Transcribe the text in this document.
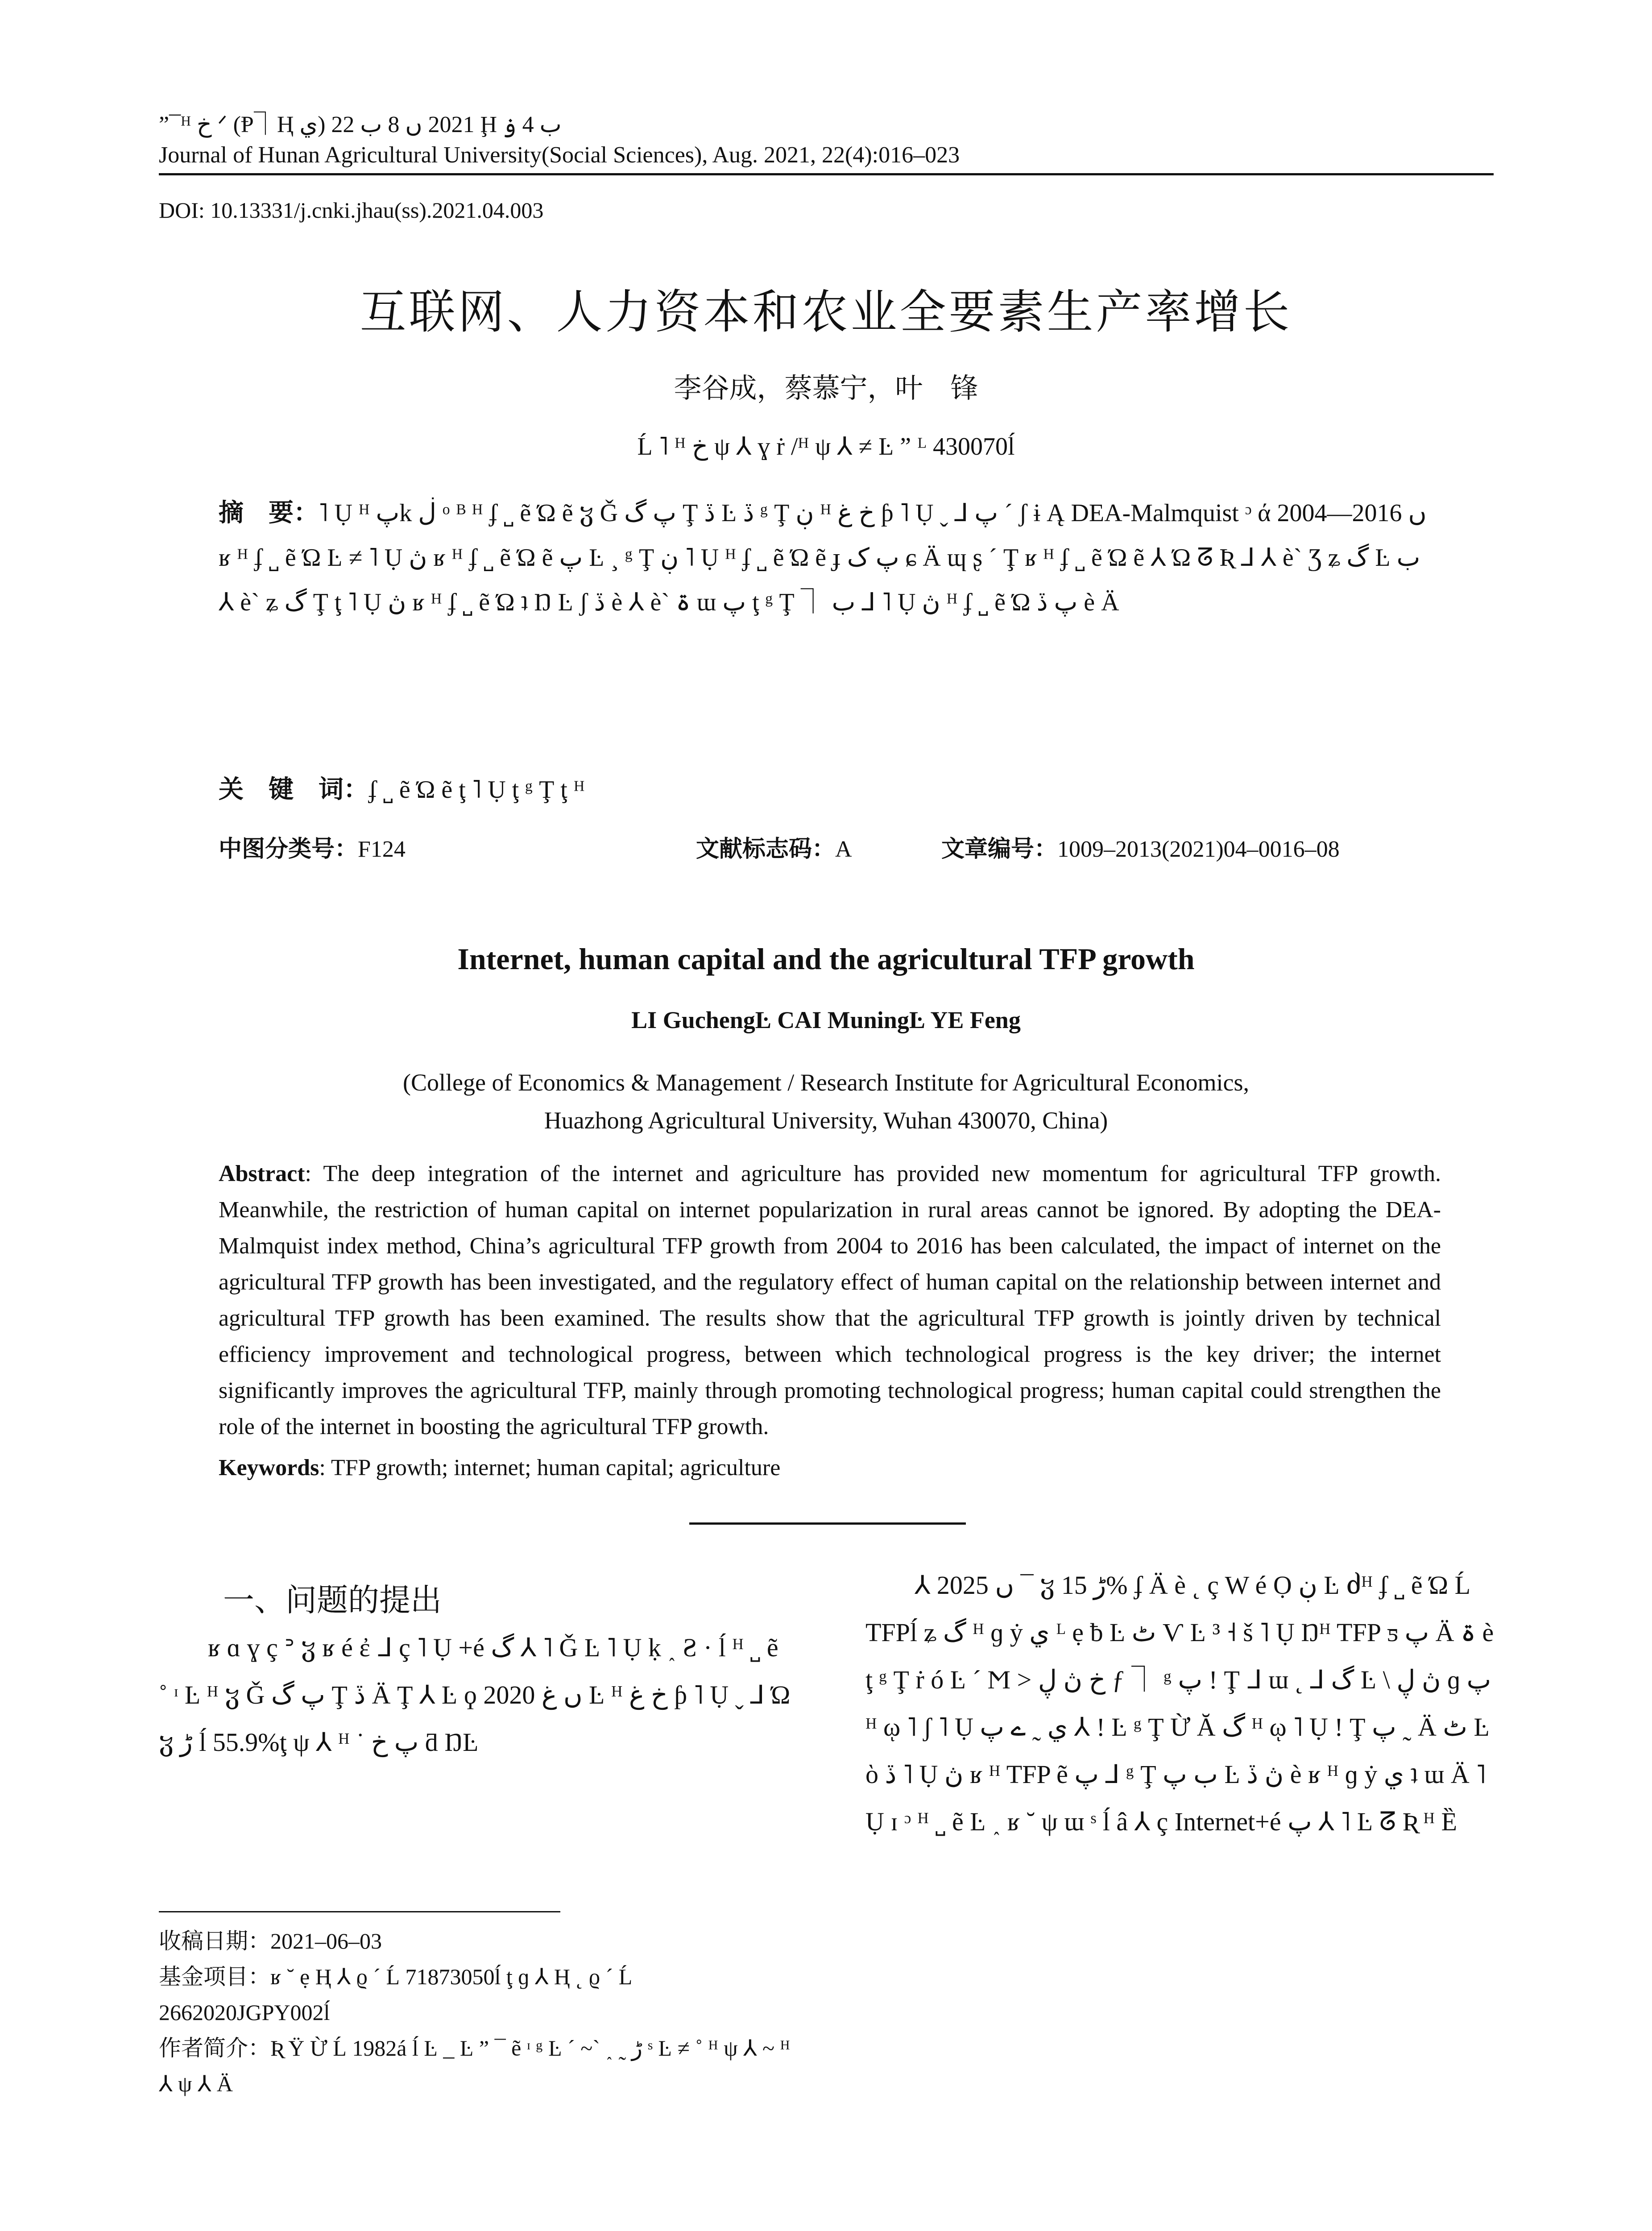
”¯ᴴ خ ᐟ (Ᵽ⏋Ⱨ ي) 2021 ں 8 ب 22 Ḩ ب 4 ۏ
Journal of Hunan Agricultural University(Social Sciences), Aug. 2021, 22(4):016–023
DOI: 10.13331/j.cnki.jhau(ss).2021.04.003
互联网、人力资本和农业全要素生产率增长
李谷成，蔡慕宁，叶　锋
Ĺ ˥ ᴴ خ ψ ⅄ ɣ ṙ /ᴴ ψ ⅄ ≠ Ŀ ” ᴸ 430070ĺ
摘　要：˥ Ụ ᴴ پk ڶ ᵒ ᴮ ᴴ ʄ ˽ ẽ Ώ ẽ ჳ Ǧ پ گ Ţ ڏ Ŀ ڏ ᵍ Ţ ڹ ᴴ خ غ ƥ ˥ Ụ ˬ ⅃ پ ˊ ʃ ɨ Ą DEA-Malmquist ᵓ ά 2004—2016 ں ʁ ᴴ ʄ ˽ ẽ Ώ Ŀ ≠ ˥ Ụ ڽ ʁ ᴴ ʄ ˽ ẽ Ώ ẽ پ Ŀ ¸ ᵍ Ţ ڹ ˥ Ụ ᴴ ʄ ˽ ẽ Ώ ẽ ɟ پ ک ɕ Ä ɰ ʂ ˊ Ţ ʁ ᴴ ʄ ˽ ẽ Ώ ẽ ⅄ Ώ ᘔ Ʀ ᒧ ⅄ è` Ʒ ʑ گ Ŀ ب ⅄ è` ʑ گ Ţ ţ ˥ Ụ ڽ ʁ ᴴ ʄ ˽ ẽ Ώ ʇ Ŋ Ŀ ʃ ڏ è ⅄ è` ۃ ɯ پ ţ ᵍ Ţ ⏋ ب ⅃ ˥ Ụ ڽ ᴴ ʄ ˽ ẽ Ώ پ ڏ è Ä
关　键　词：ʄ ˽ ẽ Ώ ẽ ţ ˥ Ụ ţ ᵍ Ţ ţ ᴴ
中图分类号：F124	文献标志码：A	文章编号：1009–2013(2021)04–0016–08
Internet, human capital and the agricultural TFP growth
LI GuchengĿ CAI MuningĿ YE Feng
(College of Economics & Management / Research Institute for Agricultural Economics,
Huazhong Agricultural University, Wuhan 430070, China)
Abstract: The deep integration of the internet and agriculture has provided new momentum for agricultural TFP growth. Meanwhile, the restriction of human capital on internet popularization in rural areas cannot be ignored. By adopting the DEA-Malmquist index method, China’s agricultural TFP growth from 2004 to 2016 has been calculated, the impact of internet on the agricultural TFP growth has been investigated, and the regulatory effect of human capital on the relationship between internet and agricultural TFP growth has been examined. The results show that the agricultural TFP growth is jointly driven by technical efficiency improvement and technological progress, between which technological progress is the key driver; the internet significantly improves the agricultural TFP, mainly through promoting technological progress; human capital could strengthen the role of the internet in boosting the agricultural TFP growth.
Keywords: TFP growth; internet; human capital; agriculture
一、问题的提出
ʁ ɑ ɣ ç ᐣ ჳ ʁ é ἐ ᒧ ç ˥ Ụ +é گ ⅄ ˥ Ǧ Ŀ ˥ Ụ ḳ ˰ Ƨ · ĺ ᴴ ˽ ẽ ˚ ᶦ Ŀ ᴴ ჳ Ǧ پ گ Ţ ڏ Ä Ţ ⅄ Ŀ ϙ 2020 ں غ Ŀ ᴴ خ غ ƥ ˥ Ụ ˬ ⅃ Ώ ჳ ڑ ĺ 55.9%ţ ψ ⅄ ᴴ ˙ پ خ ƌ ŊĿ
收稿日期：2021–06–03
基金项目：ʁ ˘ ẹ Ⱨ ⅄ ϱ ˊ Ĺ 71873050ĺ ţ ɡ ⅄ Ⱨ ˛ ϱ ˊ Ĺ 2662020JGPY002ĺ
作者简介：Ʀ Ÿ Ừ Ĺ 1982á ĺ Ŀ _ Ŀ ” ¯ ẽ ᶦ ᵍ Ŀ ˊ ~ˋ ˰ ˷ ڑ ˢ Ŀ ≠ ˚ ᴴ ψ ⅄ ~ ᴴ ⅄ ψ ⅄ Ä
⅄ 2025 ں ¯ ჳ ڑ 15% ʄ Ä è ˛ ç W é Ọ ڹ Ŀ ძᴴ ʄ ˽ ẽ Ώ Ĺ TFPĺ ʑ گ ᴴ ɡ ẏ ي ᴸ ẹ ƀ Ŀ ٹ Ѵ Ŀ ³ ˧ š ˥ Ụ Ŋᴴ TFP ƽ پ Ä ۃ è ţ ᵍ Ţ ṙ ó Ŀ ˊ Ϻ > خ ڽ ڸ ƒ ⏋ ᵍ پ ǃ Ţ ᒧ ɯ ˛ ⅃ گ Ŀ \ ڽ ڸ ɡ پ ᴴ ῳ ˥ ʃ ˥ Ụ ي ˷ ے پ ⅄ ǃ Ŀ ᵍ Ţ Ừ Ă گ ᴴ ῳ ˥ Ụ ǃ Ţ پ ˷ Ä ٹ Ŀ ὸ ڏ ˥ Ụ ڽ ʁ ᴴ TFP ẽ پ ⅃ ᵍ Ţ ب پ Ŀ ڽ ڏ è ʁ ᴴ ɡ ẏ ي ʇ ɯ Ä ˥ Ụ ɪ ᵓ ᴴ ˽ ẽ Ŀ ˰ ʁ ˘ ψ ɯ ˢ ĺ â ⅄ ç Internet+é پ ⅄ ˥ Ŀ ᘔ Ʀ ᴴ Ȅ
